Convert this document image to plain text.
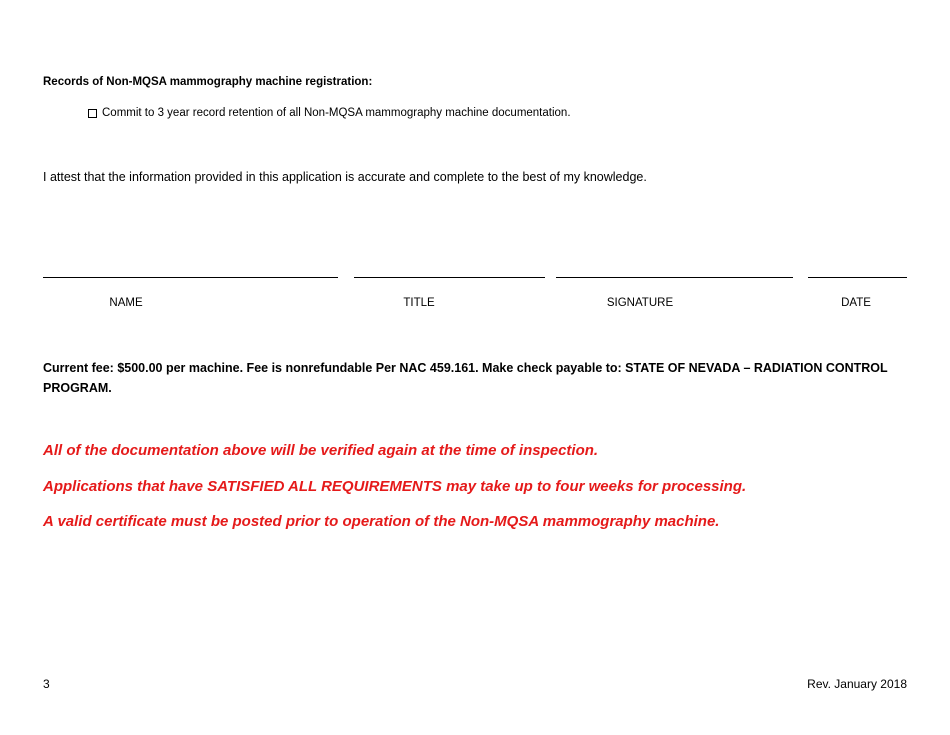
Records of Non-MQSA mammography machine registration:
Commit to 3 year record retention of all Non-MQSA mammography machine documentation.
I attest that the information provided in this application is accurate and complete to the best of my knowledge.
NAME	TITLE	SIGNATURE	DATE
Current fee: $500.00 per machine. Fee is nonrefundable Per NAC 459.161. Make check payable to: STATE OF NEVADA – RADIATION CONTROL PROGRAM.
All of the documentation above will be verified again at the time of inspection.
Applications that have SATISFIED ALL REQUIREMENTS may take up to four weeks for processing.
A valid certificate must be posted prior to operation of the Non-MQSA mammography machine.
3	Rev. January 2018
